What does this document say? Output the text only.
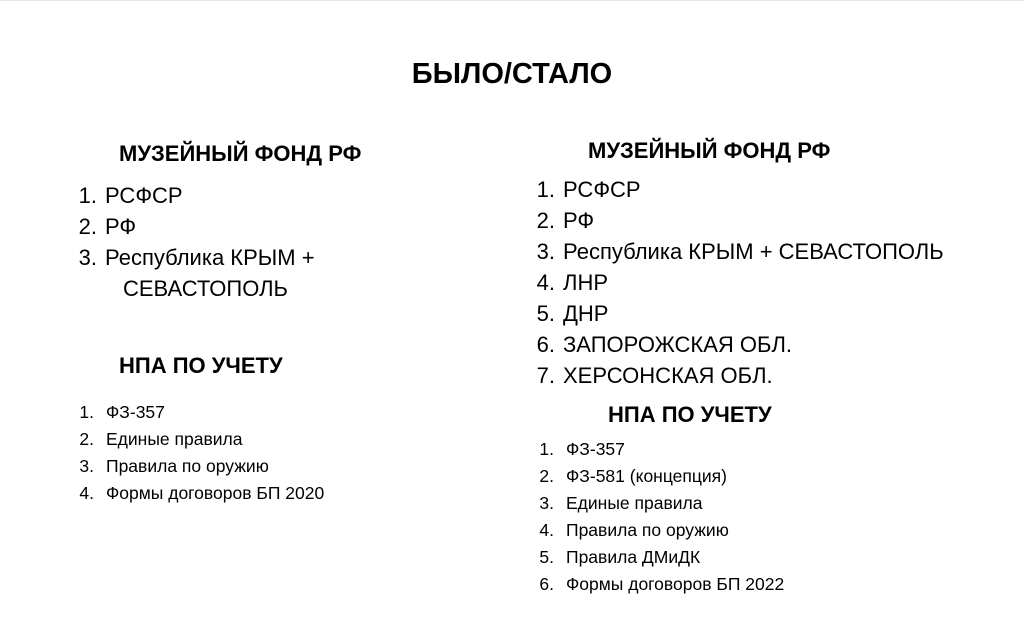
БЫЛО/СТАЛО
МУЗЕЙНЫЙ ФОНД РФ
1. РСФСР
2. РФ
3. Республика КРЫМ +
СЕВАСТОПОЛЬ
НПА ПО УЧЕТУ
1. ФЗ-357
2. Единые правила
3. Правила по оружию
4. Формы договоров БП 2020
МУЗЕЙНЫЙ ФОНД РФ
1. РСФСР
2. РФ
3. Республика КРЫМ + СЕВАСТОПОЛЬ
4. ЛНР
5. ДНР
6. ЗАПОРОЖСКАЯ ОБЛ.
7. ХЕРСОНСКАЯ ОБЛ.
НПА ПО УЧЕТУ
1. ФЗ-357
2. ФЗ-581 (концепция)
3. Единые правила
4. Правила по оружию
5. Правила ДМиДК
6. Формы договоров БП 2022
